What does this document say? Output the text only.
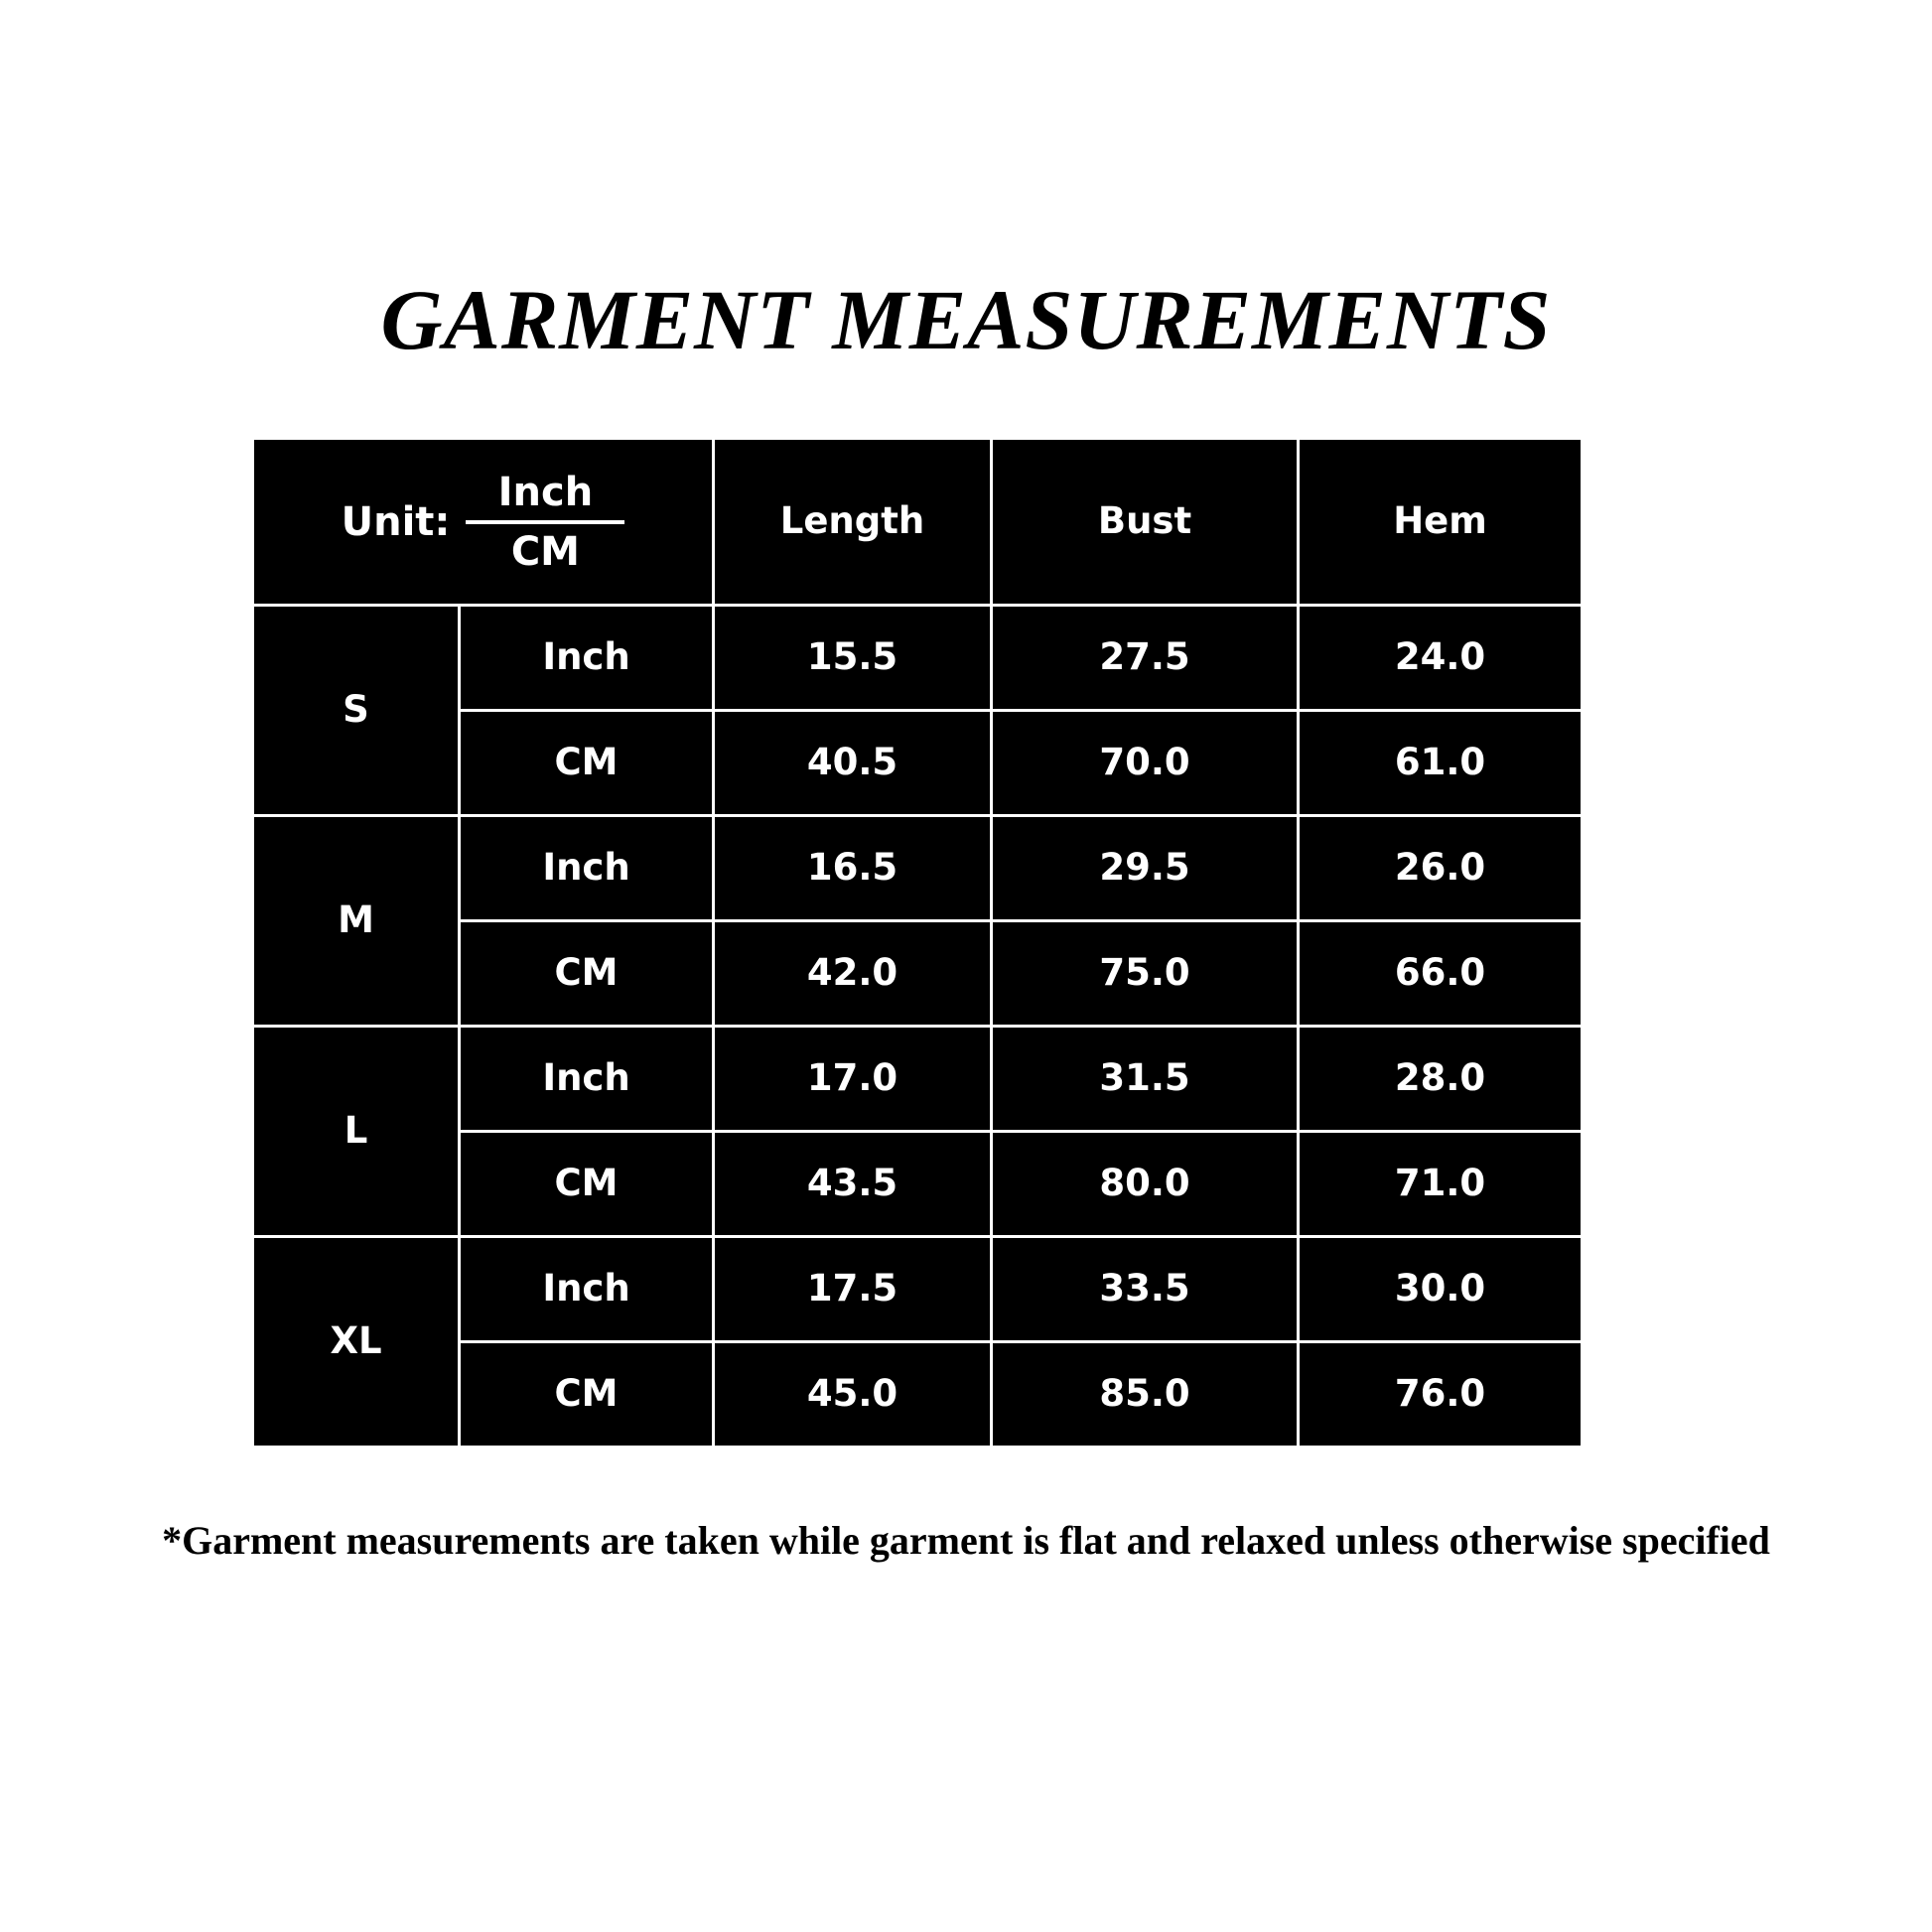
GARMENT MEASUREMENTS
Unit: $\frac{\text{Inch}}{CM}$		Length	Bust	Hem
S	Inch	15.5	27.5	24.0
	CM	40.5	70.0	61.0
M	Inch	16.5	29.5	26.0
	CM	42.0	75.0	66.0
L	Inch	17.0	31.5	28.0
	CM	43.5	80.0	71.0
XL	Inch	17.5	33.5	30.0
	CM	45.0	85.0	76.0
*Garment measurements are taken while garment is flat and relaxed unless otherwise specified
